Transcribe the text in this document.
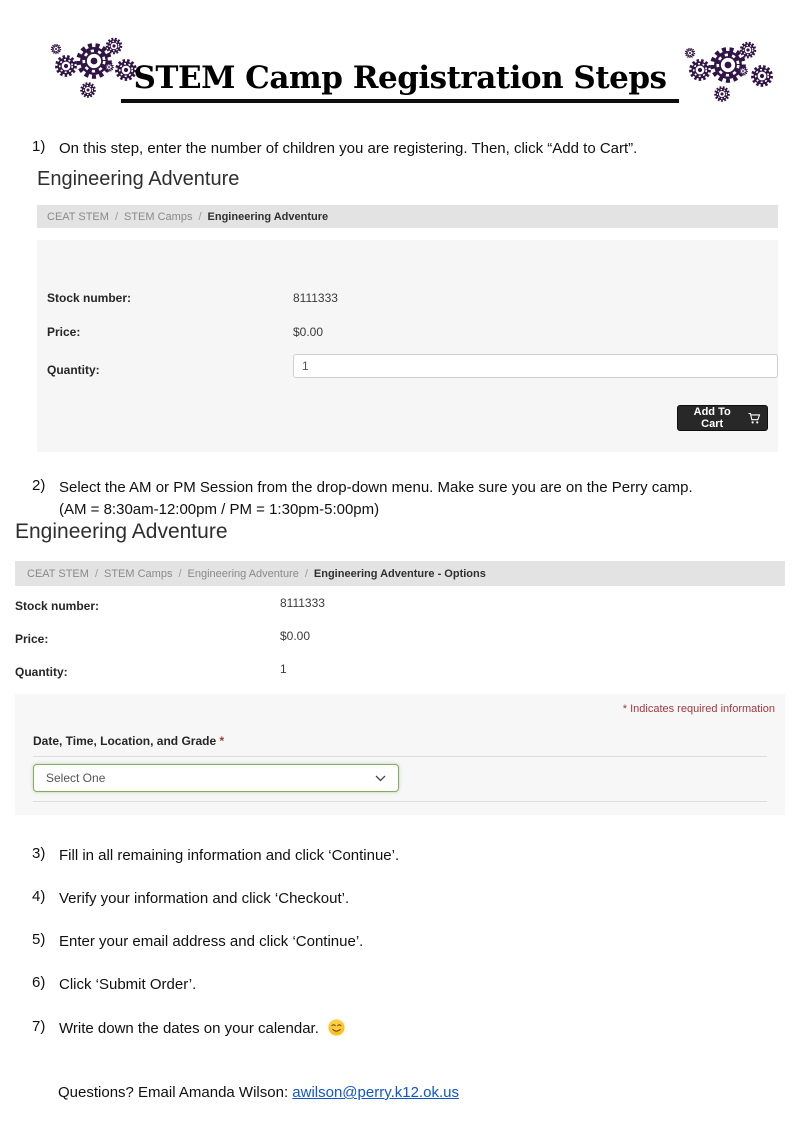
STEM Camp Registration Steps
1) On this step, enter the number of children you are registering. Then, click “Add to Cart”.
Engineering Adventure
CEAT STEM / STEM Camps / Engineering Adventure
Stock number:	8111333
Price:	$0.00
Quantity:
1
Add To Cart
2) Select the AM or PM Session from the drop-down menu. Make sure you are on the Perry camp.
(AM = 8:30am-12:00pm / PM = 1:30pm-5:00pm)
Engineering Adventure
CEAT STEM / STEM Camps / Engineering Adventure / Engineering Adventure - Options
Stock number:	8111333
Price:	$0.00
Quantity:	1
* Indicates required information
Date, Time, Location, and Grade *
Select One
3) Fill in all remaining information and click ‘Continue’.
4) Verify your information and click ‘Checkout’.
5) Enter your email address and click ‘Continue’.
6) Click ‘Submit Order’.
7) Write down the dates on your calendar.
Questions? Email Amanda Wilson: awilson@perry.k12.ok.us
